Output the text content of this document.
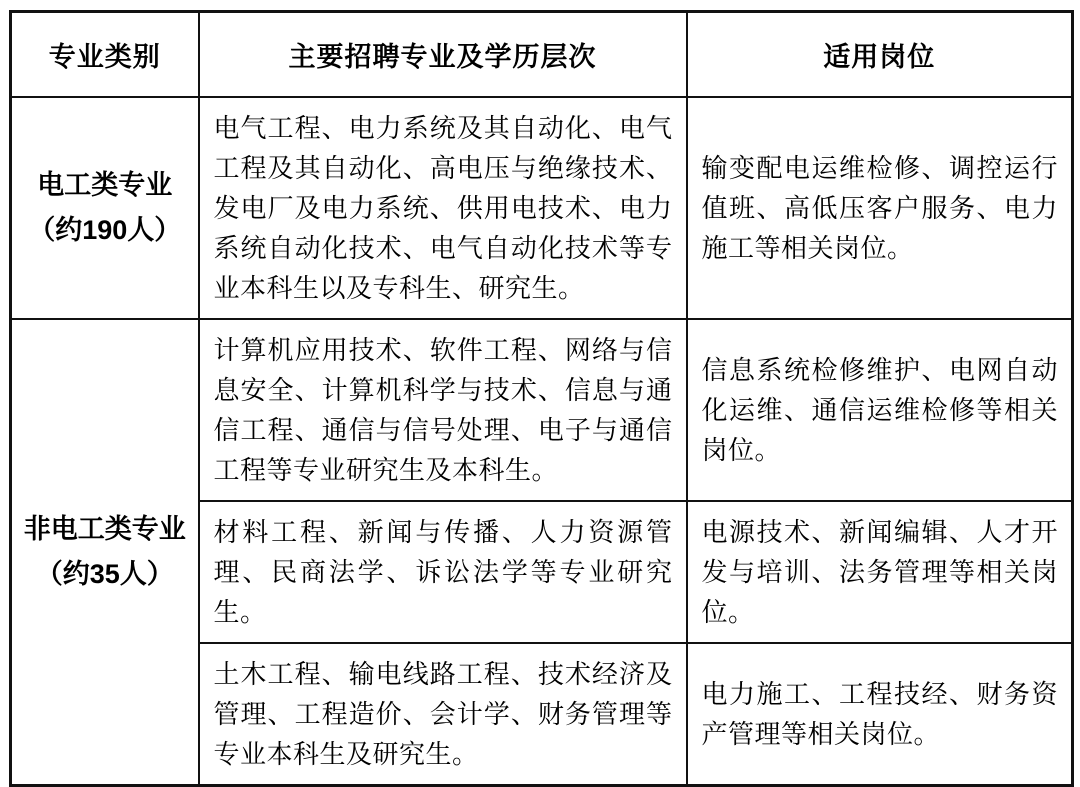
专业类别	主要招聘专业及学历层次	适用岗位

电工类专业
（约190人）	电气工程、电力系统及其自动化、电气工程及其自动化、高电压与绝缘技术、发电厂及电力系统、供用电技术、电力系统自动化技术、电气自动化技术等专业本科生以及专科生、研究生。	输变配电运维检修、调控运行值班、高低压客户服务、电力施工等相关岗位。

非电工类专业
（约35人）	计算机应用技术、软件工程、网络与信息安全、计算机科学与技术、信息与通信工程、通信与信号处理、电子与通信工程等专业研究生及本科生。	信息系统检修维护、电网自动化运维、通信运维检修等相关岗位。
	材料工程、新闻与传播、人力资源管理、民商法学、诉讼法学等专业研究生。	电源技术、新闻编辑、人才开发与培训、法务管理等相关岗位。
	土木工程、输电线路工程、技术经济及管理、工程造价、会计学、财务管理等专业本科生及研究生。	电力施工、工程技经、财务资产管理等相关岗位。
